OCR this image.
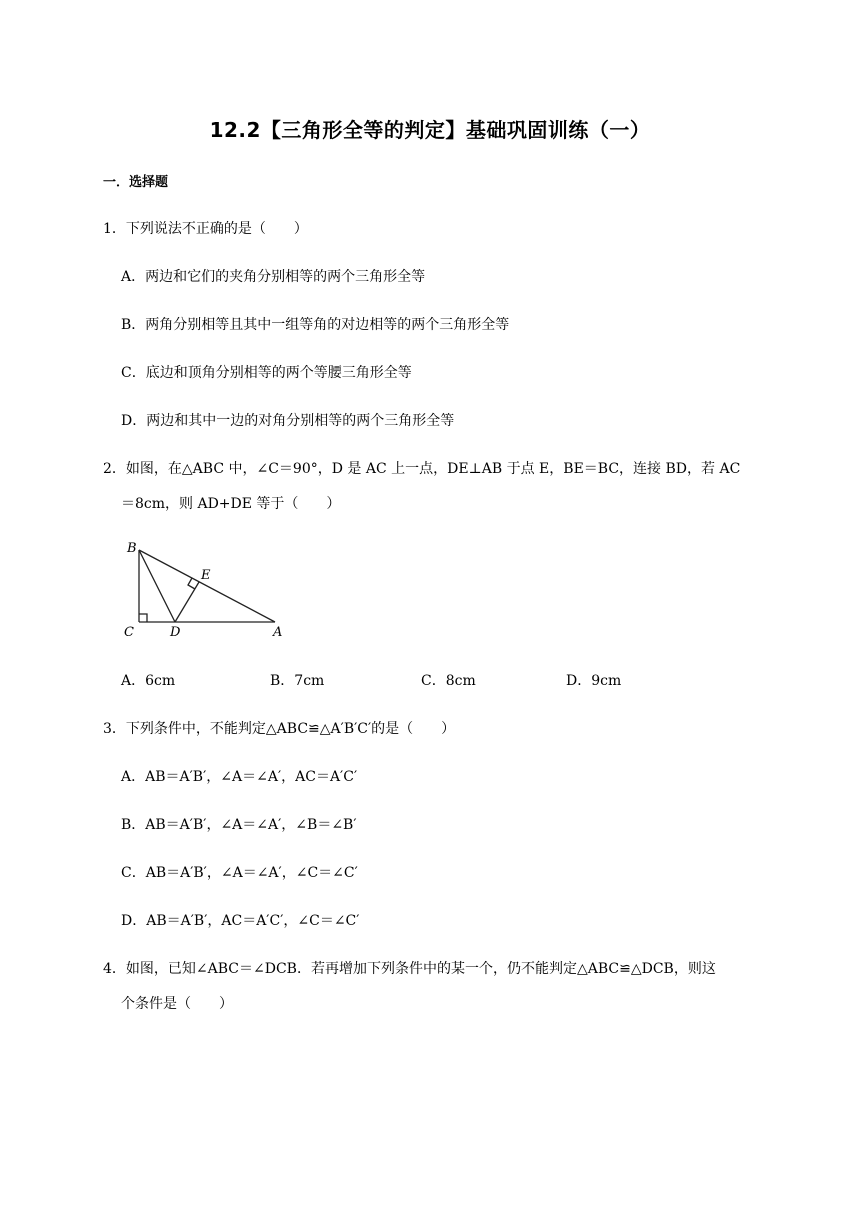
12.2【三角形全等的判定】基础巩固训练（一）
一．选择题
1．下列说法不正确的是（　　）
A．两边和它们的夹角分别相等的两个三角形全等
B．两角分别相等且其中一组等角的对边相等的两个三角形全等
C．底边和顶角分别相等的两个等腰三角形全等
D．两边和其中一边的对角分别相等的两个三角形全等
2．如图，在△ABC 中，∠C＝90°，D 是 AC 上一点，DE⊥AB 于点 E，BE＝BC，连接 BD，若 AC
＝8cm，则 AD+DE 等于（　　）
B
E
C	D	A
A．6cm	B．7cm	C．8cm	D．9cm
3．下列条件中，不能判定△ABC≌△A′B′C′的是（　　）
A．AB＝A′B′，∠A＝∠A′，AC＝A′C′
B．AB＝A′B′，∠A＝∠A′，∠B＝∠B′
C．AB＝A′B′，∠A＝∠A′，∠C＝∠C′
D．AB＝A′B′，AC＝A′C′，∠C＝∠C′
4．如图，已知∠ABC＝∠DCB．若再增加下列条件中的某一个，仍不能判定△ABC≌△DCB，则这
个条件是（　　）
